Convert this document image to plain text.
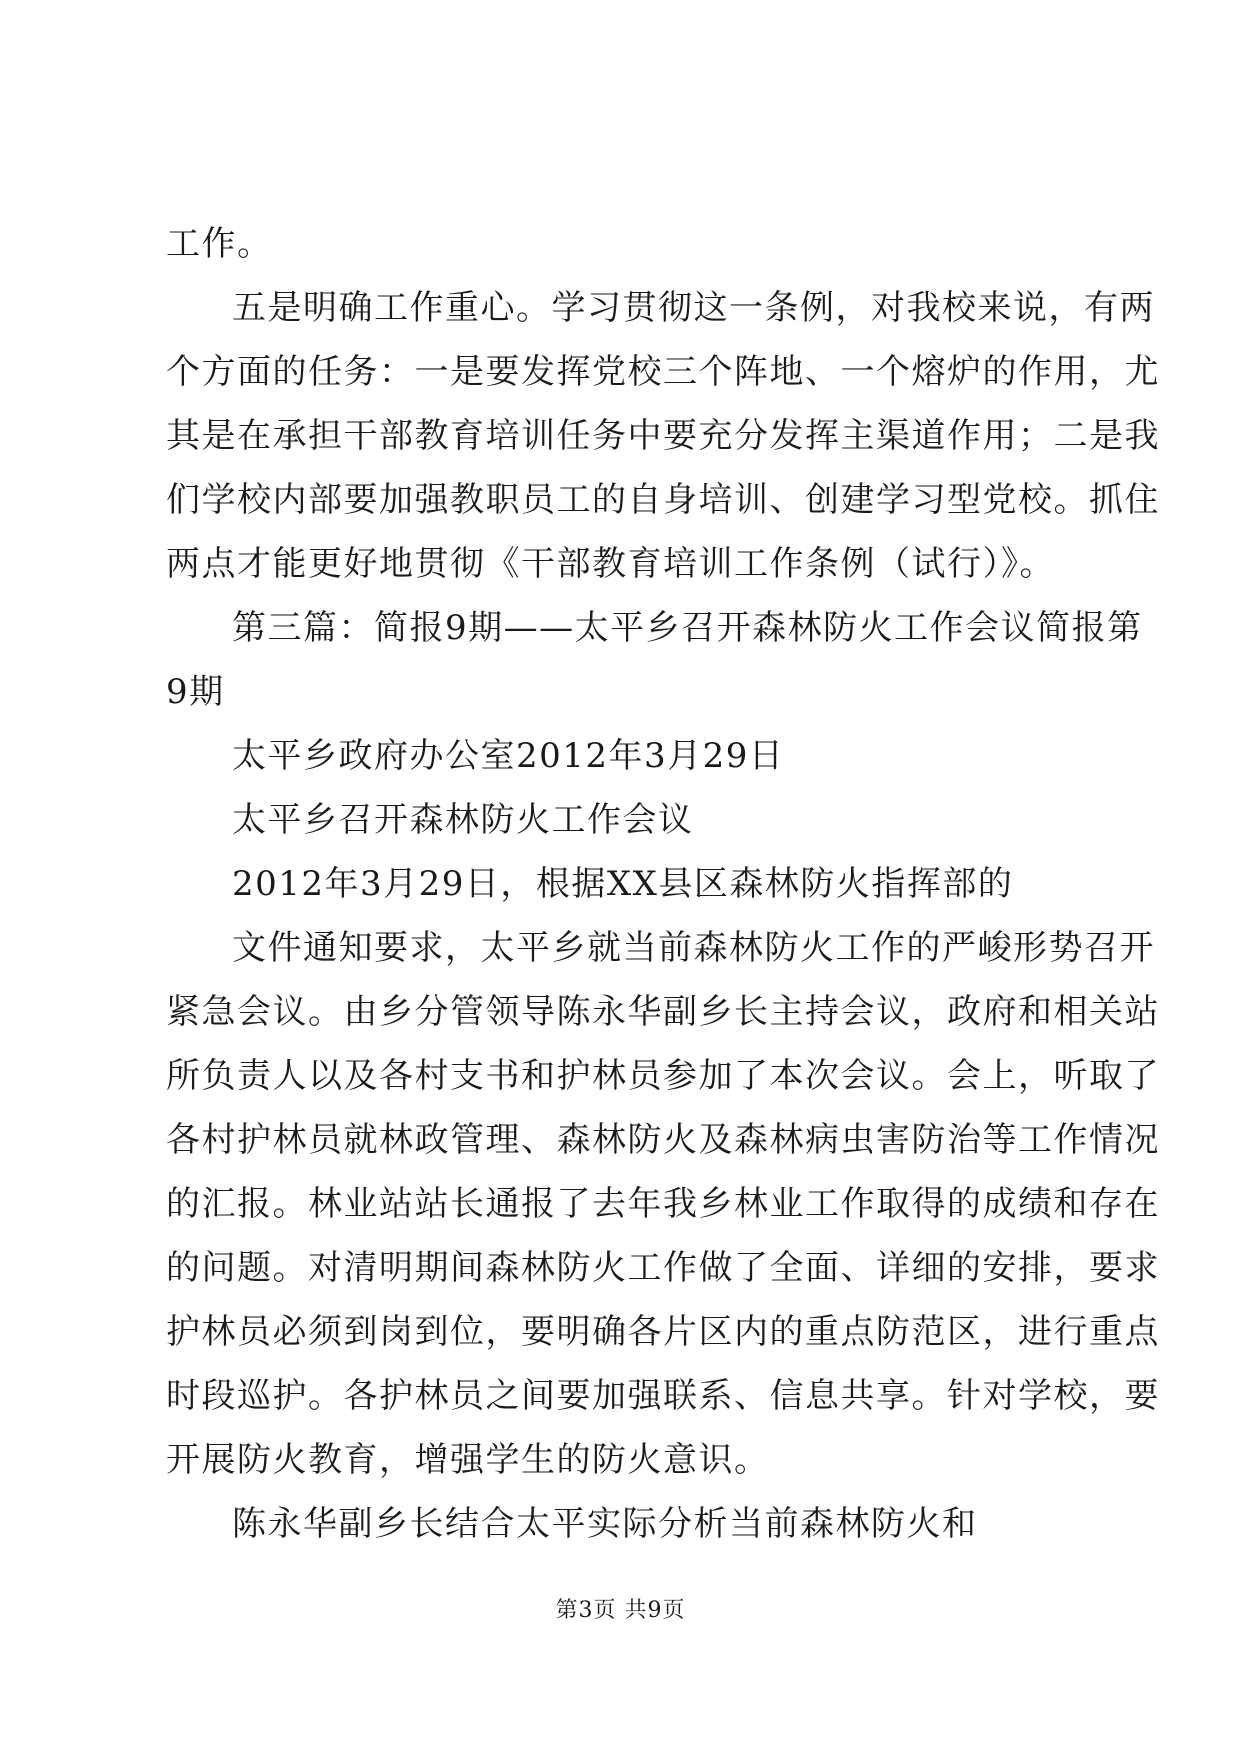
工作。
五是明确工作重心。学习贯彻这一条例，对我校来说，有两
个方面的任务：一是要发挥党校三个阵地、一个熔炉的作用，尤
其是在承担干部教育培训任务中要充分发挥主渠道作用；二是我
们学校内部要加强教职员工的自身培训、创建学习型党校。抓住
两点才能更好地贯彻《干部教育培训工作条例（试行）》。
第三篇：简报9期——太平乡召开森林防火工作会议简报第
9期
太平乡政府办公室2012年3月29日
太平乡召开森林防火工作会议
2012年3月29日，根据XX县区森林防火指挥部的
文件通知要求，太平乡就当前森林防火工作的严峻形势召开
紧急会议。由乡分管领导陈永华副乡长主持会议，政府和相关站
所负责人以及各村支书和护林员参加了本次会议。会上，听取了
各村护林员就林政管理、森林防火及森林病虫害防治等工作情况
的汇报。林业站站长通报了去年我乡林业工作取得的成绩和存在
的问题。对清明期间森林防火工作做了全面、详细的安排，要求
护林员必须到岗到位，要明确各片区内的重点防范区，进行重点
时段巡护。各护林员之间要加强联系、信息共享。针对学校，要
开展防火教育，增强学生的防火意识。
陈永华副乡长结合太平实际分析当前森林防火和
第3页 共9页
